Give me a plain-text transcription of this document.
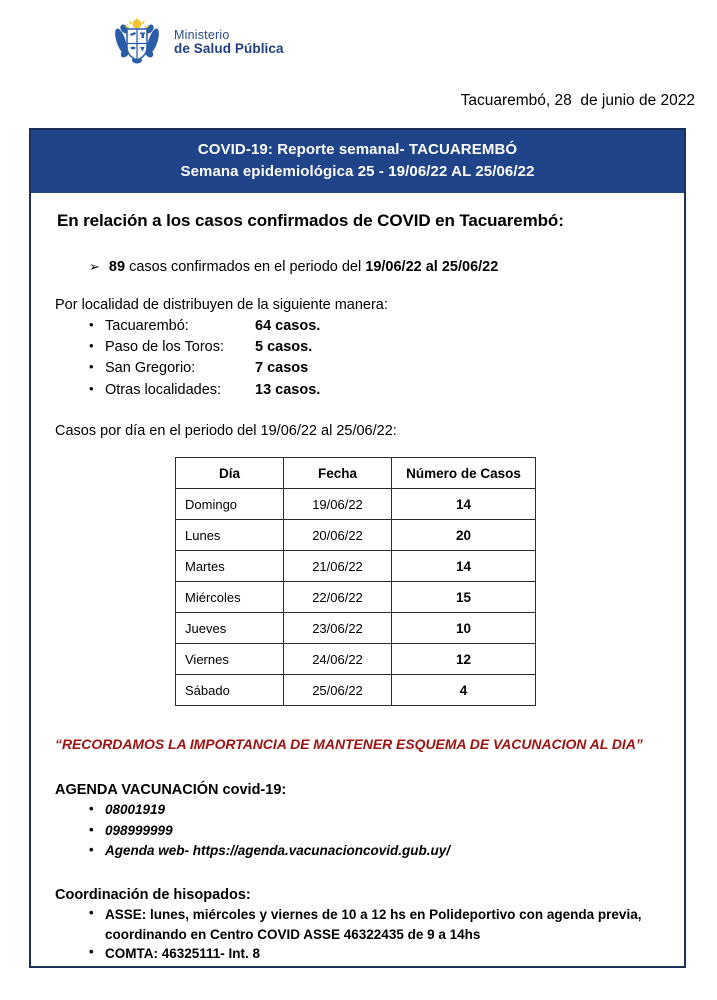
Ministerio
de Salud Pública
Tacuarembó, 28  de junio de 2022
COVID-19: Reporte semanal- TACUAREMBÓ
Semana epidemiológica 25 - 19/06/22 AL 25/06/22
En relación a los casos confirmados de COVID en Tacuarembó:
➢ 89 casos confirmados en el periodo del 19/06/22 al 25/06/22
Por localidad de distribuyen de la siguiente manera:
• Tacuarembó:	64 casos.
• Paso de los Toros:	5 casos.
• San Gregorio:	7 casos
• Otras localidades:	13 casos.
Casos por día en el periodo del 19/06/22 al 25/06/22:
Día	Fecha	Número de Casos
Domingo	19/06/22	14
Lunes	20/06/22	20
Martes	21/06/22	14
Miércoles	22/06/22	15
Jueves	23/06/22	10
Viernes	24/06/22	12
Sábado	25/06/22	4
“RECORDAMOS LA IMPORTANCIA DE MANTENER ESQUEMA DE VACUNACION AL DIA”
AGENDA VACUNACIÓN covid-19:
• 08001919
• 098999999
• Agenda web- https://agenda.vacunacioncovid.gub.uy/
Coordinación de hisopados:
• ASSE: lunes, miércoles y viernes de 10 a 12 hs en Polideportivo con agenda previa, coordinando en Centro COVID ASSE 46322435 de 9 a 14hs
• COMTA: 46325111- Int. 8
